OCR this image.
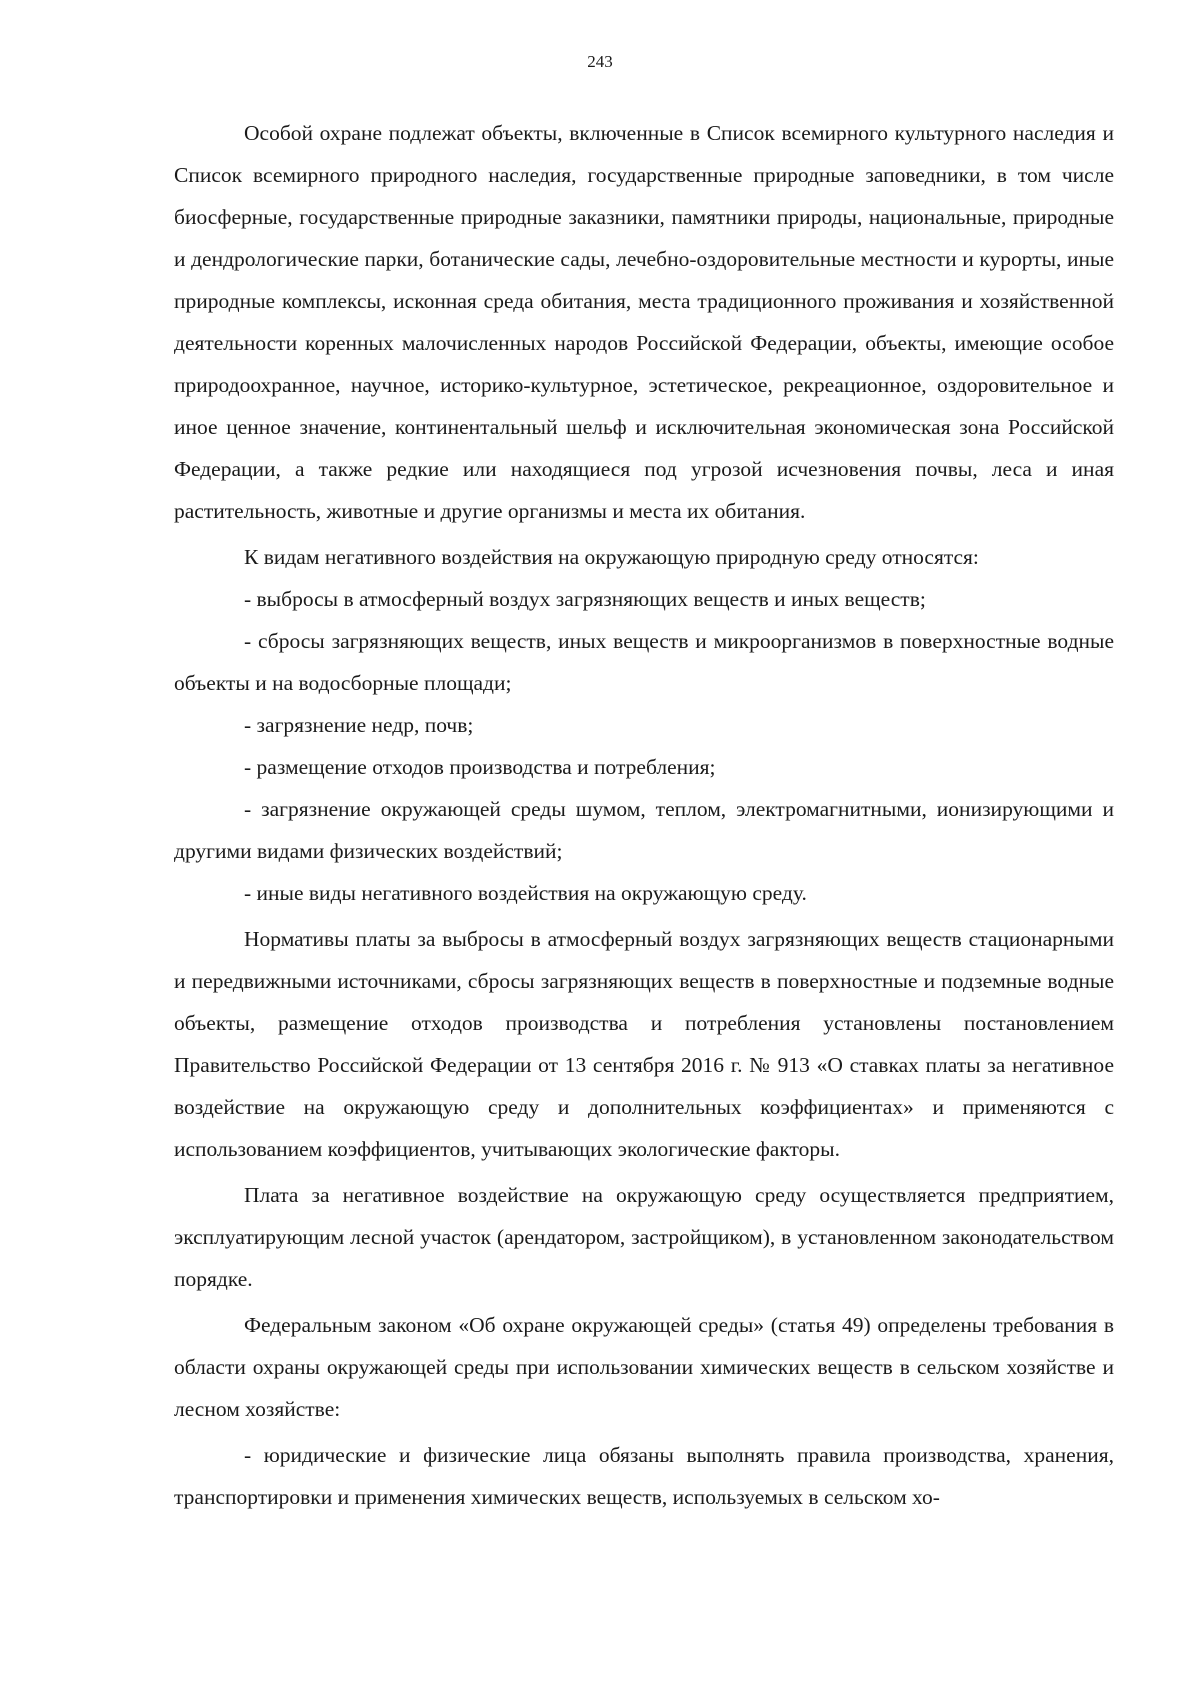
243

Особой охране подлежат объекты, включенные в Список всемирного культурного наследия и Список всемирного природного наследия, государственные природные заповедники, в том числе биосферные, государственные природные заказники, памятники природы, национальные, природные и дендрологические парки, ботанические сады, лечебно-оздоровительные местности и курорты, иные природные комплексы, исконная среда обитания, места традиционного проживания и хозяйственной деятельности коренных малочисленных народов Российской Федерации, объекты, имеющие особое природоохранное, научное, историко-культурное, эстетическое, рекреационное, оздоровительное и иное ценное значение, континентальный шельф и исключительная экономическая зона Российской Федерации, а также редкие или находящиеся под угрозой исчезновения почвы, леса и иная растительность, животные и другие организмы и места их обитания.

К видам негативного воздействия на окружающую природную среду относятся:

- выбросы в атмосферный воздух загрязняющих веществ и иных веществ;

- сбросы загрязняющих веществ, иных веществ и микроорганизмов в поверхностные водные объекты и на водосборные площади;

- загрязнение недр, почв;

- размещение отходов производства и потребления;

- загрязнение окружающей среды шумом, теплом, электромагнитными, ионизирующими и другими видами физических воздействий;

- иные виды негативного воздействия на окружающую среду.

Нормативы платы за выбросы в атмосферный воздух загрязняющих веществ стационарными и передвижными источниками, сбросы загрязняющих веществ в поверхностные и подземные водные объекты, размещение отходов производства и потребления установлены постановлением Правительство Российской Федерации от 13 сентября 2016 г. № 913 «О ставках платы за негативное воздействие на окружающую среду и дополнительных коэффициентах» и применяются с использованием коэффициентов, учитывающих экологические факторы.

Плата за негативное воздействие на окружающую среду осуществляется предприятием, эксплуатирующим лесной участок (арендатором, застройщиком), в установленном законодательством порядке.

Федеральным законом «Об охране окружающей среды» (статья 49) определены требования в области охраны окружающей среды при использовании химических веществ в сельском хозяйстве и лесном хозяйстве:

- юридические и физические лица обязаны выполнять правила производства, хранения, транспортировки и применения химических веществ, используемых в сельском хо-
